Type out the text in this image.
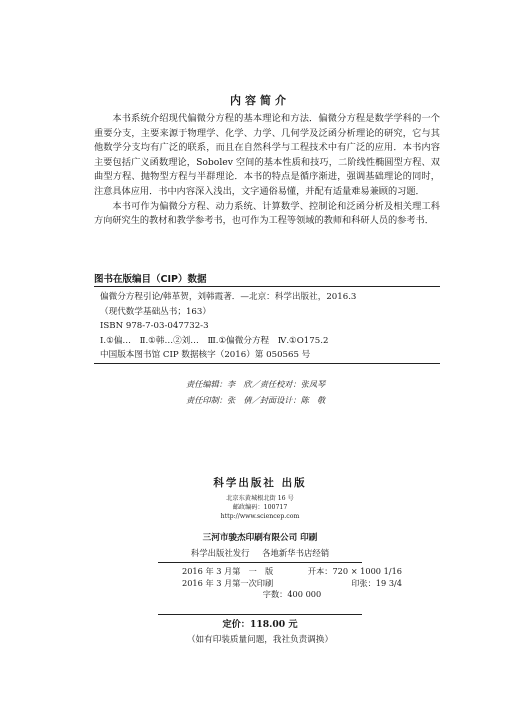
内容简介

本书系统介绍现代偏微分方程的基本理论和方法．偏微分方程是数学学科的一个重要分支，主要来源于物理学、化学、力学、几何学及泛函分析理论的研究，它与其他数学分支均有广泛的联系，而且在自然科学与工程技术中有广泛的应用．本书内容主要包括广义函数理论，Sobolev 空间的基本性质和技巧，二阶线性椭圆型方程、双曲型方程、抛物型方程与半群理论．本书的特点是循序渐进，强调基础理论的同时，注意具体应用．书中内容深入浅出，文字通俗易懂，并配有适量难易兼顾的习题．

本书可作为偏微分方程、动力系统、计算数学、控制论和泛函分析及相关理工科方向研究生的教材和教学参考书，也可作为工程等领域的教师和科研人员的参考书．

图书在版编目（CIP）数据
偏微分方程引论/韩革贺，刘韩霞著．—北京：科学出版社，2016.3
（现代数学基础丛书；163）
ISBN 978-7-03-047732-3
Ⅰ.①偏…　Ⅱ.①韩…②刘…　Ⅲ.①偏微分方程　Ⅳ.①O175.2
中国版本图书馆 CIP 数据核字（2016）第 050565 号
责任编辑：李　欣／责任校对：张凤琴
责任印制：张　倩／封面设计：陈　敬
科学出版社 出版
北京东黄城根北街 16 号
邮政编码：100717
http://www.sciencep.com
三河市骏杰印刷有限公司 印刷
科学出版社发行 各地新华书店经销
2016 年 3 月第　一　版	开本：720 × 1000 1/16
2016 年 3 月第一次印刷	印张：19 3/4
字数：400 000
定价：118.00 元
（如有印装质量问题，我社负责调换）
